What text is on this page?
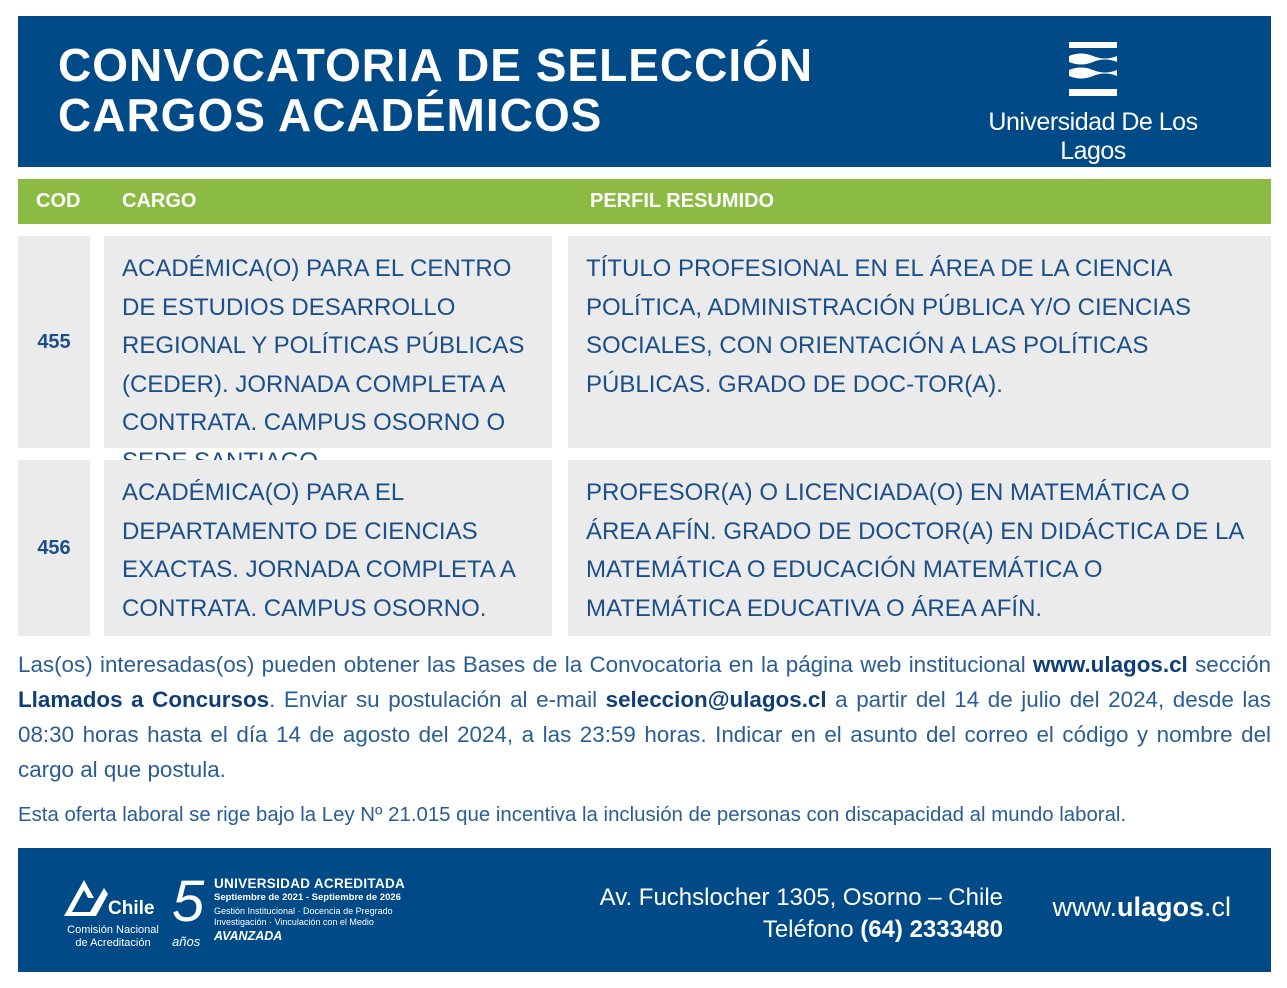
CONVOCATORIA DE SELECCIÓN
CARGOS ACADÉMICOS	Universidad De Los Lagos
COD CARGO	PERFIL RESUMIDO
455
ACADÉMICA(O) PARA EL CENTRO DE ESTUDIOS DESARROLLO REGIONAL Y POLÍTICAS PÚBLICAS (CEDER). JORNADA COMPLETA A CONTRATA. CAMPUS OSORNO O
TÍTULO PROFESIONAL EN EL ÁREA DE LA CIENCIA POLÍTICA, ADMINISTRACIÓN PÚBLICA Y/O CIENCIAS SOCIALES, CON ORIENTACIÓN A LAS POLÍTICAS PÚBLICAS. GRADO DE DOC-TOR(A).
456
ACADÉMICA(O) PARA EL DEPARTAMENTO DE CIENCIAS EXACTAS. JORNADA COMPLETA A CONTRATA. CAMPUS OSORNO.
PROFESOR(A) O LICENCIADA(O) EN MATEMÁTICA O ÁREA AFÍN. GRADO DE DOCTOR(A) EN DIDÁCTICA DE LA MATEMÁTICA O EDUCACIÓN MATEMÁTICA O MATEMÁTICA EDUCATIVA O ÁREA AFÍN.

Las(os) interesadas(os) pueden obtener las Bases de la Convocatoria en la página web institucional www.ulagos.cl sección Llamados a Concursos. Enviar su postulación al e-mail seleccion@ulagos.cl a partir del 14 de julio del 2024, desde las 08:30 horas hasta el día 14 de agosto del 2024, a las 23:59 horas. Indicar en el asunto del correo el código y nombre del cargo al que postula.

Esta oferta laboral se rige bajo la Ley Nº 21.015 que incentiva la inclusión de personas con discapacidad al mundo laboral.

Chile
Comisión Nacional
de Acreditación
5
años
UNIVERSIDAD ACREDITADA
Septiembre de 2021 - Septiembre de 2026
Gestión Institucional · Docencia de Pregrado
Investigación · Vinculación con el Medio
AVANZADA
Av. Fuchslocher 1305, Osorno – Chile
Teléfono (64) 2333480
www.ulagos.cl
